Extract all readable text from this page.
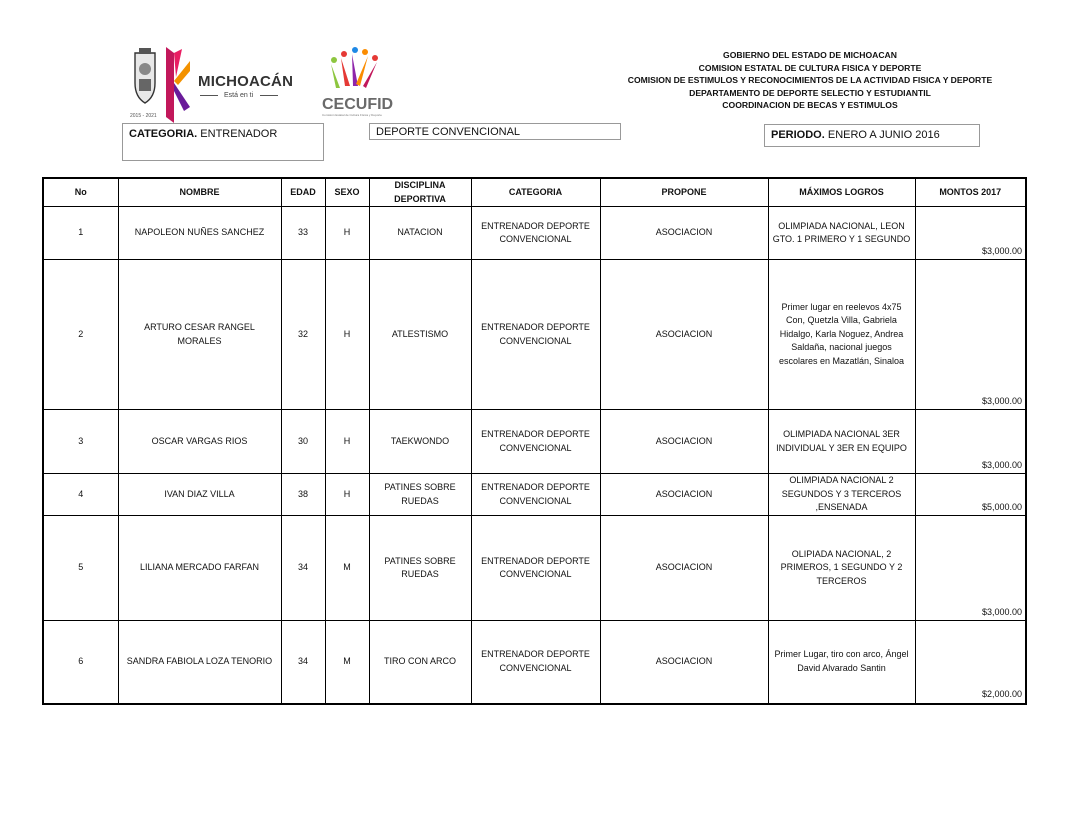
2015 - 2021
MICHOACÁN
Está en ti
CECUFID
Comisión Estatal de Cultura Física y Deporte
GOBIERNO DEL ESTADO DE MICHOACAN
COMISION ESTATAL DE CULTURA FISICA Y DEPORTE
COMISION DE ESTIMULOS Y RECONOCIMIENTOS DE LA ACTIVIDAD FISICA Y DEPORTE
DEPARTAMENTO DE DEPORTE SELECTIO Y ESTUDIANTIL
COORDINACION DE BECAS Y ESTIMULOS
CATEGORIA. ENTRENADOR	DEPORTE CONVENCIONAL	PERIODO. ENERO A JUNIO 2016
No	NOMBRE	EDAD	SEXO	DISCIPLINA DEPORTIVA	CATEGORIA	PROPONE	MÁXIMOS LOGROS	MONTOS 2017
1	NAPOLEON NUÑES SANCHEZ	33	H	NATACION	ENTRENADOR DEPORTE CONVENCIONAL	ASOCIACION	OLIMPIADA NACIONAL, LEON GTO. 1 PRIMERO Y 1 SEGUNDO	$3,000.00

2	ARTURO CESAR RANGEL MORALES	32	H	ATLESTISMO	ENTRENADOR DEPORTE CONVENCIONAL	ASOCIACION	Primer lugar en reelevos 4x75 Con, Quetzla Villa, Gabriela Hidalgo, Karla Noguez, Andrea Saldaña, nacional juegos escolares en Mazatlán, Sinaloa	$3,000.00

3	OSCAR VARGAS RIOS	30	H	TAEKWONDO	ENTRENADOR DEPORTE CONVENCIONAL	ASOCIACION	OLIMPIADA NACIONAL 3ER INDIVIDUAL Y 3ER EN EQUIPO	$3,000.00

4	IVAN DIAZ VILLA	38	H	PATINES SOBRE RUEDAS	ENTRENADOR DEPORTE CONVENCIONAL	ASOCIACION	OLIMPIADA NACIONAL 2 SEGUNDOS Y 3 TERCEROS ,ENSENADA	$5,000.00

5	LILIANA MERCADO FARFAN	34	M	PATINES SOBRE RUEDAS	ENTRENADOR DEPORTE CONVENCIONAL	ASOCIACION	OLIPIADA NACIONAL, 2 PRIMEROS, 1 SEGUNDO Y 2 TERCEROS	$3,000.00

6	SANDRA FABIOLA LOZA TENORIO	34	M	TIRO CON ARCO	ENTRENADOR DEPORTE CONVENCIONAL	ASOCIACION	Primer Lugar, tiro con arco, Ángel David Alvarado Santin	$2,000.00
